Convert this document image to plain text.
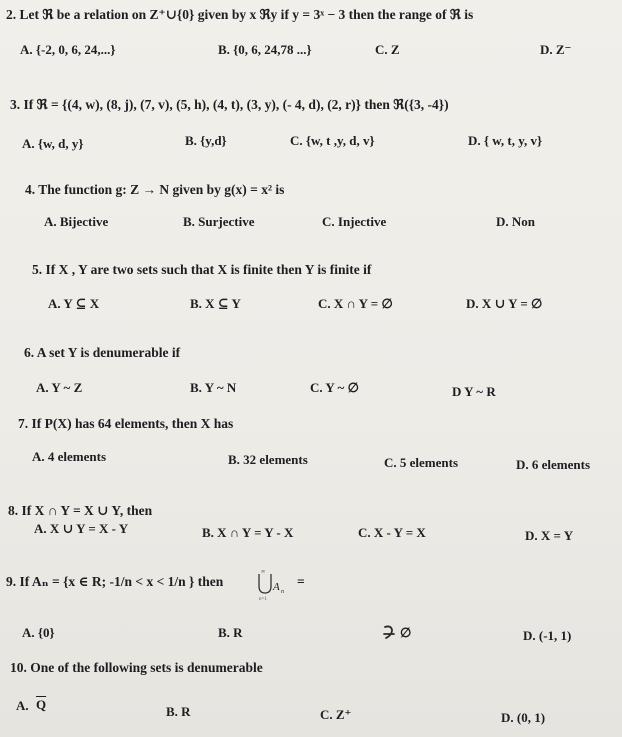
2. Let ℜ be a relation on Z⁺∪{0} given by x ℜy if y = 3ˣ − 3 then the range of ℜ is
A. {-2, 0, 6, 24,...}	B. {0, 6, 24,78 ...}	C. Z	D. Z⁻
3. If ℜ = {(4, w), (8, j), (7, v), (5, h), (4, t), (3, y), (- 4, d), (2, r)} then ℜ({3, -4})
A. {w, d, y}	B. {y,d}	C. {w, t ,y, d, v}	D. { w, t, y, v}
4. The function g: Z → N given by g(x) = x² is
A. Bijective	B. Surjective	C. Injective	D. Non
5. If X , Y are two sets such that X is finite then Y is finite if
A. Y ⊆ X	B. X ⊆ Y	C. X ∩ Y = ∅	D. X ∪ Y = ∅
6. A set Y is denumerable if
A. Y ~ Z	B. Y ~ N	C. Y ~ ∅	D Y ~ R
7. If P(X) has 64 elements, then X has
A. 4 elements	B. 32 elements	C. 5 elements	D. 6 elements
8. If X ∩ Y = X ∪ Y, then
A. X ∪ Y = X - Y	B. X ∩ Y = Y - X	C. X - Y = X	D. X = Y
9. If Aₙ = {x ∈ R; -1/n < x < 1/n } then
∞
A n
n=1
=
A. {0}	B. R	∅	D. (-1, 1)
10. One of the following sets is denumerable
A. $\overline{Q}$	B. R	C. Z⁺	D. (0, 1)
